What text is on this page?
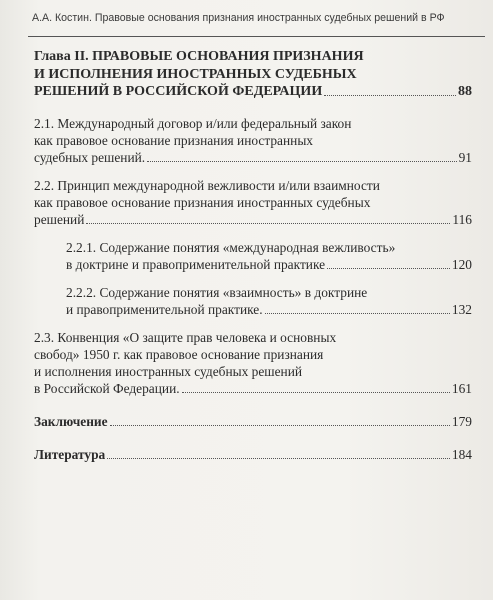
А.А. Костин. Правовые основания признания иностранных судебных решений в РФ
Глава II. ПРАВОВЫЕ ОСНОВАНИЯ ПРИЗНАНИЯ
И ИСПОЛНЕНИЯ ИНОСТРАННЫХ СУДЕБНЫХ
РЕШЕНИЙ В РОССИЙСКОЙ ФЕДЕРАЦИИ	88
2.1. Международный договор и/или федеральный закон
как правовое основание признания иностранных
судебных решений.	91
2.2. Принцип международной вежливости и/или взаимности
как правовое основание признания иностранных судебных
решений	116
2.2.1. Содержание понятия «международная вежливость»
в доктрине и правоприменительной практике	120
2.2.2. Содержание понятия «взаимность» в доктрине
и правоприменительной практике.	132
2.3. Конвенция «О защите прав человека и основных
свобод» 1950 г. как правовое основание признания
и исполнения иностранных судебных решений
в Российской Федерации.	161
Заключение	179
Литература	184
